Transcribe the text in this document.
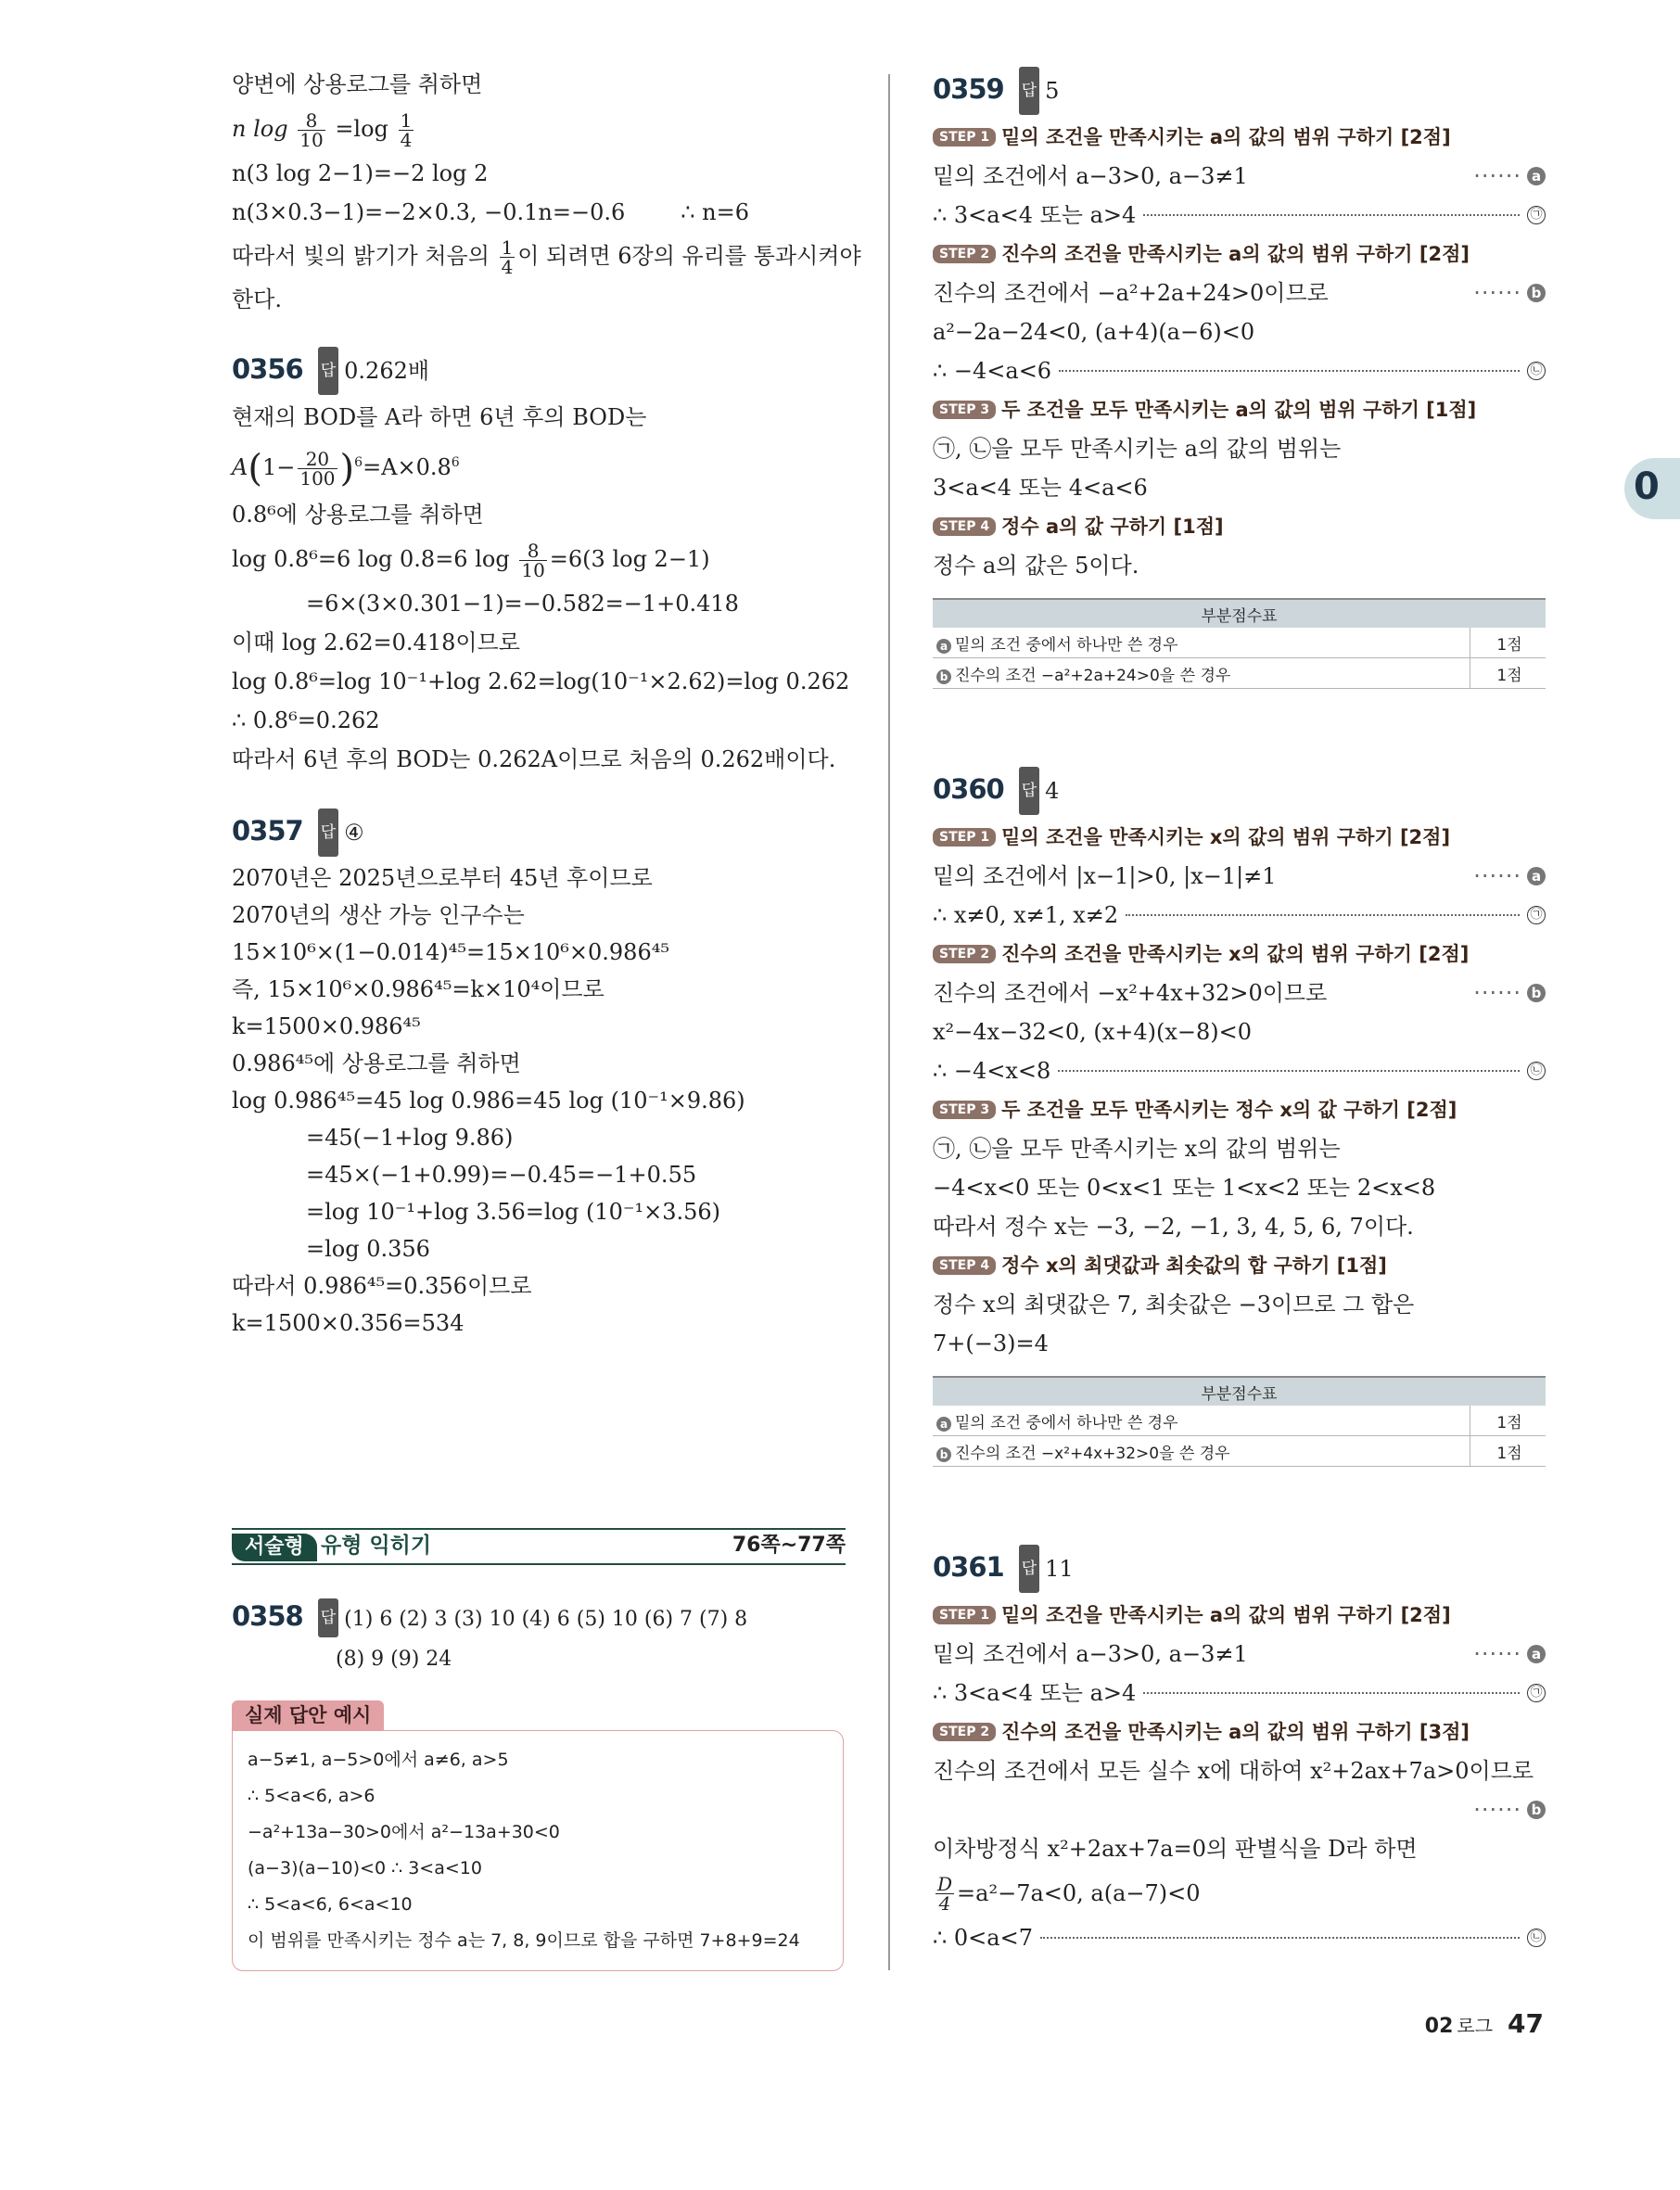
양변에 상용로그를 취하면
n $\log \frac{8}{10} =\log \frac{1}{4}$
n(3 log 2−1)=−2 log 2
n(3×0.3−1)=−2×0.3, −0.1n=−0.6	∴ n=6
따라서 빛의 밝기가 처음의 $\frac{1}{4}$ 이 되려면 6장의 유리를 통과시켜야
한다.
0356 답 0.262배
현재의 BOD를 A라 하면 6년 후의 BOD는
$A(1- \frac{20}{100} )^6=A\times 0.8^6$
0.8⁶에 상용로그를 취하면
log 0.8⁶=6 log 0.8=6 $\log \frac{8}{10} =6(3$ log 2−1)
=6×(3×0.301−1)=−0.582=−1+0.418
이때 log 2.62=0.418이므로
log 0.8⁶=log 10⁻¹+log 2.62=log(10⁻¹×2.62)=log 0.262
∴ 0.8⁶=0.262
따라서 6년 후의 BOD는 0.262A이므로 처음의 0.262배이다.
0357 답 ④
2070년은 2025년으로부터 45년 후이므로
2070년의 생산 가능 인구수는
15×10⁶×(1−0.014)⁴⁵=15×10⁶×0.986⁴⁵
즉, 15×10⁶×0.986⁴⁵=k×10⁴이므로
k=1500×0.986⁴⁵
0.986⁴⁵에 상용로그를 취하면
log 0.986⁴⁵=45 log 0.986=45 log (10⁻¹×9.86)
=45(−1+log 9.86)
=45×(−1+0.99)=−0.45=−1+0.55
=log 10⁻¹+log 3.56=log (10⁻¹×3.56)
=log 0.356
따라서 0.986⁴⁵=0.356이므로
k=1500×0.356=534
서술형 유형 익히기	76쪽~77쪽
0358 답 (1) 6 (2) 3 (3) 10 (4) 6 (5) 10 (6) 7 (7) 8
(8) 9 (9) 24
실제 답안 예시
a−5≠1, a−5>0에서 a≠6, a>5
∴ 5<a<6, a>6
−a²+13a−30>0에서 a²−13a+30<0
(a−3)(a−10)<0 ∴ 3<a<10
∴ 5<a<6, 6<a<10
이 범위를 만족시키는 정수 a는 7, 8, 9이므로 합을 구하면 7+8+9=24
0359 답 5
STEP 1 밑의 조건을 만족시키는 a의 값의 범위 구하기 [2점]
밑의 조건에서 a−3>0, a−3≠1	······ a
∴ 3<a<4 또는 a>4	㉠
STEP 2 진수의 조건을 만족시키는 a의 값의 범위 구하기 [2점]
진수의 조건에서 −a²+2a+24>0이므로	······ b
a²−2a−24<0, (a+4)(a−6)<0
∴ −4<a<6	㉡
STEP 3 두 조건을 모두 만족시키는 a의 값의 범위 구하기 [1점]
㉠, ㉡을 모두 만족시키는 a의 값의 범위는
3<a<4 또는 4<a<6
STEP 4 정수 a의 값 구하기 [1점]
정수 a의 값은 5이다.
부분점수표	
a 밑의 조건 중에서 하나만 쓴 경우	1점
b 진수의 조건 −a²+2a+24>0을 쓴 경우	1점
0360 답 4
STEP 1 밑의 조건을 만족시키는 x의 값의 범위 구하기 [2점]
밑의 조건에서 |x−1|>0, |x−1|≠1	······ a
∴ x≠0, x≠1, x≠2	㉠
STEP 2 진수의 조건을 만족시키는 x의 값의 범위 구하기 [2점]
진수의 조건에서 −x²+4x+32>0이므로	······ b
x²−4x−32<0, (x+4)(x−8)<0
∴ −4<x<8	㉡
STEP 3 두 조건을 모두 만족시키는 정수 x의 값 구하기 [2점]
㉠, ㉡을 모두 만족시키는 x의 값의 범위는
−4<x<0 또는 0<x<1 또는 1<x<2 또는 2<x<8
따라서 정수 x는 −3, −2, −1, 3, 4, 5, 6, 7이다.
STEP 4 정수 x의 최댓값과 최솟값의 합 구하기 [1점]
정수 x의 최댓값은 7, 최솟값은 −3이므로 그 합은
7+(−3)=4
부분점수표	
a 밑의 조건 중에서 하나만 쓴 경우	1점
b 진수의 조건 −x²+4x+32>0을 쓴 경우	1점
0361 답 11
STEP 1 밑의 조건을 만족시키는 a의 값의 범위 구하기 [2점]
밑의 조건에서 a−3>0, a−3≠1	······ a
∴ 3<a<4 또는 a>4	㉠
STEP 2 진수의 조건을 만족시키는 a의 값의 범위 구하기 [3점]
진수의 조건에서 모든 실수 x에 대하여 x²+2ax+7a>0이므로
······ b
이차방정식 x²+2ax+7a=0의 판별식을 D라 하면
$\frac{D}{4} =a^2-7a<0$, a(a−7)<0
∴ 0<a<7	㉡
0
02 로그 47
